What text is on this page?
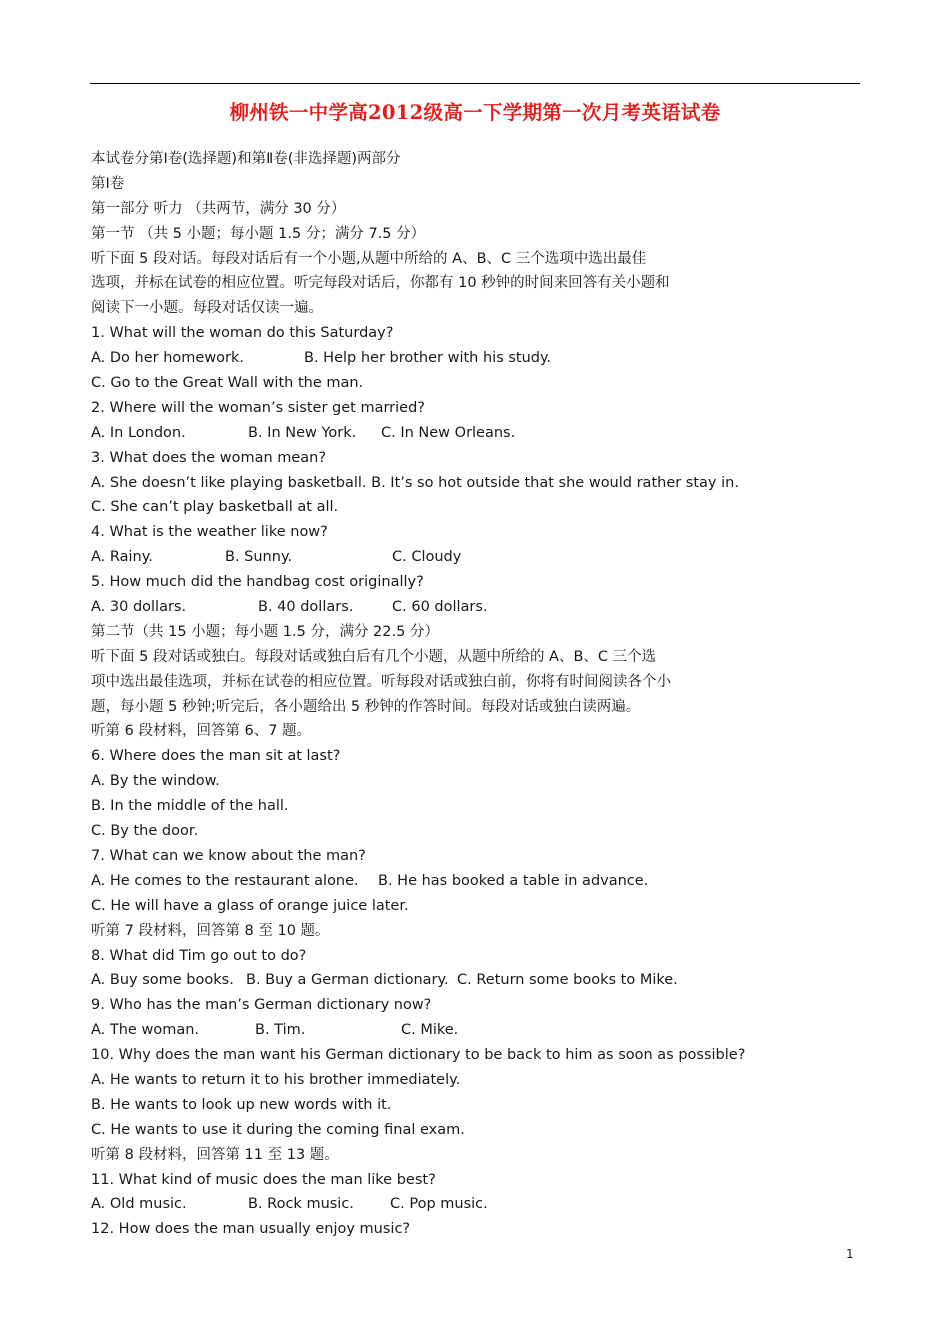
柳州铁一中学高2012级高一下学期第一次月考英语试卷
本试卷分第Ⅰ卷(选择题)和第Ⅱ卷(非选择题)两部分
第Ⅰ卷
第一部分 听力 （共两节，满分 30 分）
第一节 （共 5 小题；每小题 1.5 分；满分 7.5 分）
听下面 5 段对话。每段对话后有一个小题,从题中所给的 A、B、C 三个选项中选出最佳
选项，并标在试卷的相应位置。听完每段对话后，你都有 10 秒钟的时间来回答有关小题和
阅读下一小题。每段对话仅读一遍。
1. What will the woman do this Saturday?
A. Do her homework.	B. Help her brother with his study.
C. Go to the Great Wall with the man.
2. Where will the woman’s sister get married?
A. In London.	B. In New York. C. In New Orleans.
3. What does the woman mean?
A. She doesn’t like playing basketball. B. It’s so hot outside that she would rather stay in.
C. She can’t play basketball at all.
4. What is the weather like now?
A. Rainy.	B. Sunny.	C. Cloudy
5. How much did the handbag cost originally?
A. 30 dollars.	B. 40 dollars.	C. 60 dollars.
第二节（共 15 小题；每小题 1.5 分，满分 22.5 分）
听下面 5 段对话或独白。每段对话或独白后有几个小题，从题中所给的 A、B、C 三个选
项中选出最佳选项，并标在试卷的相应位置。听每段对话或独白前，你将有时间阅读各个小
题，每小题 5 秒钟;听完后，各小题给出 5 秒钟的作答时间。每段对话或独白读两遍。
听第 6 段材料，回答第 6、7 题。
6. Where does the man sit at last?
A. By the window.
B. In the middle of the hall.
C. By the door.
7. What can we know about the man?
A. He comes to the restaurant alone. B. He has booked a table in advance.
C. He will have a glass of orange juice later.
听第 7 段材料，回答第 8 至 10 题。
8. What did Tim go out to do?
A. Buy some books. B. Buy a German dictionary. C. Return some books to Mike.
9. Who has the man’s German dictionary now?
A. The woman.	B. Tim.	C. Mike.
10. Why does the man want his German dictionary to be back to him as soon as possible?
A. He wants to return it to his brother immediately.
B. He wants to look up new words with it.
C. He wants to use it during the coming final exam.
听第 8 段材料，回答第 11 至 13 题。
11. What kind of music does the man like best?
A. Old music.	B. Rock music. C. Pop music.
12. How does the man usually enjoy music?
1
